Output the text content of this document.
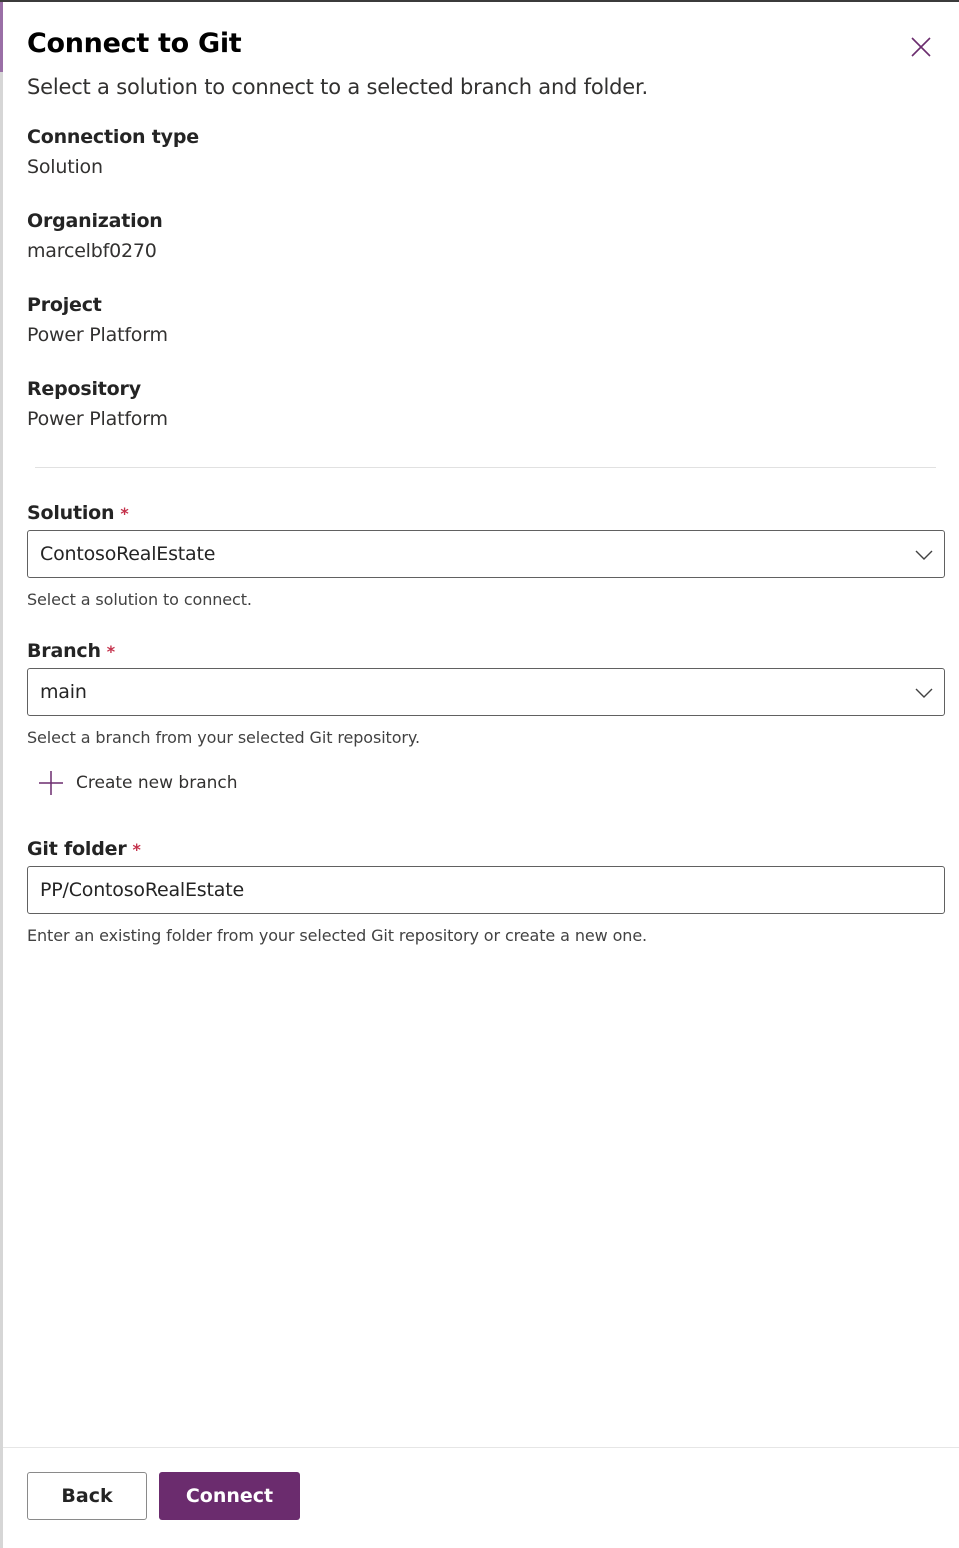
Connect to Git
Select a solution to connect to a selected branch and folder.
Connection type
Solution
Organization
marcelbf0270
Project
Power Platform
Repository
Power Platform
Solution *
ContosoRealEstate
Select a solution to connect.
Branch *
main
Select a branch from your selected Git repository.
Create new branch
Git folder *
PP/ContosoRealEstate
Enter an existing folder from your selected Git repository or create a new one.
Back	Connect
